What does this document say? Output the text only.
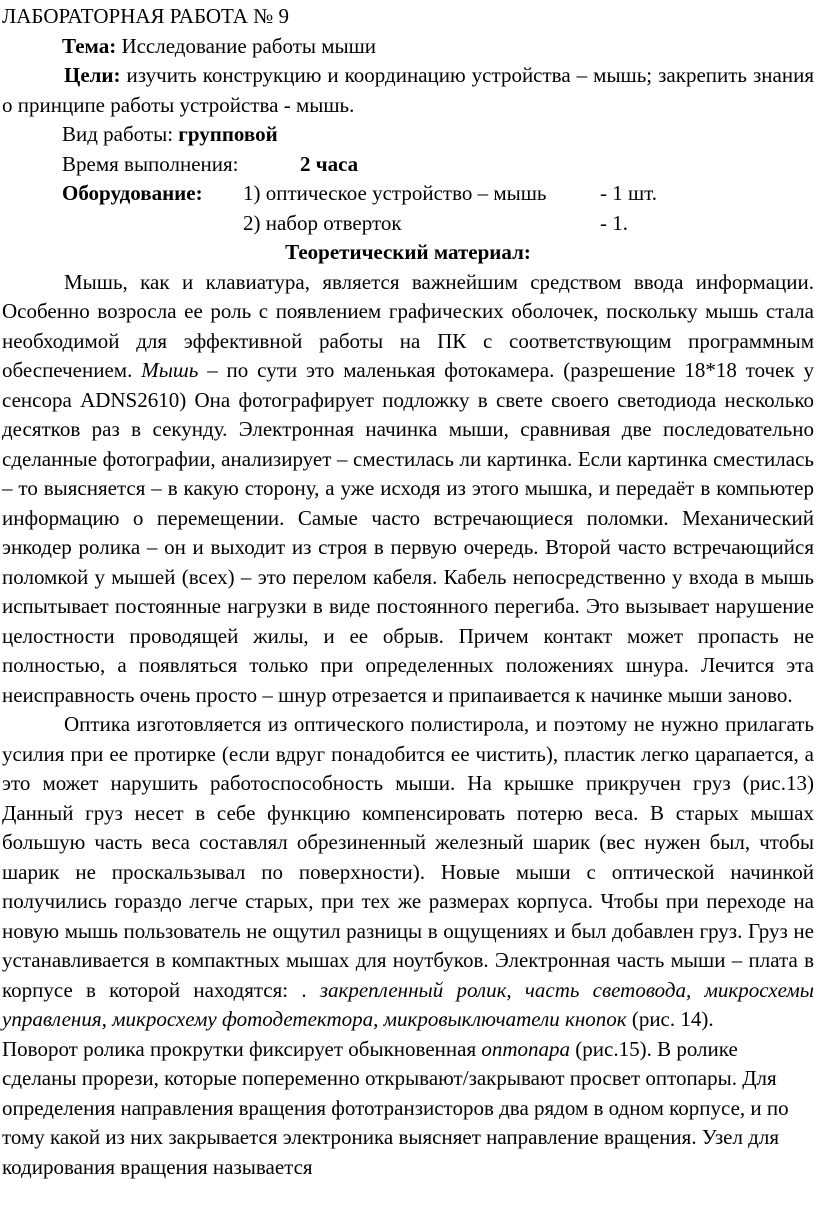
ЛАБОРАТОРНАЯ РАБОТА № 9
Тема: Исследование работы мыши
Цели: изучить конструкцию и координацию устройства – мышь; закрепить знания о принципе работы устройства - мышь.
Вид работы: групповой
Время выполнения:	2 часа
Оборудование: 1) оптическое устройство – мышь	- 1 шт.
2) набор отверток	- 1.
Теоретический материал:

Мышь, как и клавиатура, является важнейшим средством ввода информации. Особенно возросла ее роль с появлением графических оболочек, поскольку мышь стала необходимой для эффективной работы на ПК с соответствующим программным обеспечением. Мышь – по сути это маленькая фотокамера. (разрешение 18*18 точек у сенсора ADNS2610) Она фотографирует подложку в свете своего светодиода несколько десятков раз в секунду. Электронная начинка мыши, сравнивая две последовательно сделанные фотографии, анализирует – сместилась ли картинка. Если картинка сместилась – то выясняется – в какую сторону, а уже исходя из этого мышка, и передаёт в компьютер информацию о перемещении. Самые часто встречающиеся поломки. Механический энкодер ролика – он и выходит из строя в первую очередь. Второй часто встречающийся поломкой у мышей (всех) – это перелом кабеля. Кабель непосредственно у входа в мышь испытывает постоянные нагрузки в виде постоянного перегиба. Это вызывает нарушение целостности проводящей жилы, и ее обрыв. Причем контакт может пропасть не полностью, а появляться только при определенных положениях шнура. Лечится эта неисправность очень просто – шнур отрезается и припаивается к начинке мыши заново.

Оптика изготовляется из оптического полистирола, и поэтому не нужно прилагать усилия при ее протирке (если вдруг понадобится ее чистить), пластик легко царапается, а это может нарушить работоспособность мыши. На крышке прикручен груз (рис.13) Данный груз несет в себе функцию компенсировать потерю веса. В старых мышах большую часть веса составлял обрезиненный железный шарик (вес нужен был, чтобы шарик не проскальзывал по поверхности). Новые мыши с оптической начинкой получились гораздо легче старых, при тех же размерах корпуса. Чтобы при переходе на новую мышь пользователь не ощутил разницы в ощущениях и был добавлен груз. Груз не устанавливается в компактных мышах для ноутбуков. Электронная часть мыши – плата в корпусе в которой находятся: . закрепленный ролик, часть световода, микросхемы управления, микросхему фотодетектора, микровыключатели кнопок (рис. 14).

Поворот ролика прокрутки фиксирует обыкновенная оптопара (рис.15). В ролике сделаны прорези, которые попеременно открывают/закрывают просвет оптопары. Для определения направления вращения фототранзисторов два рядом в одном корпусе, и по тому какой из них закрывается электроника выясняет направление вращения. Узел для кодирования вращения называется
